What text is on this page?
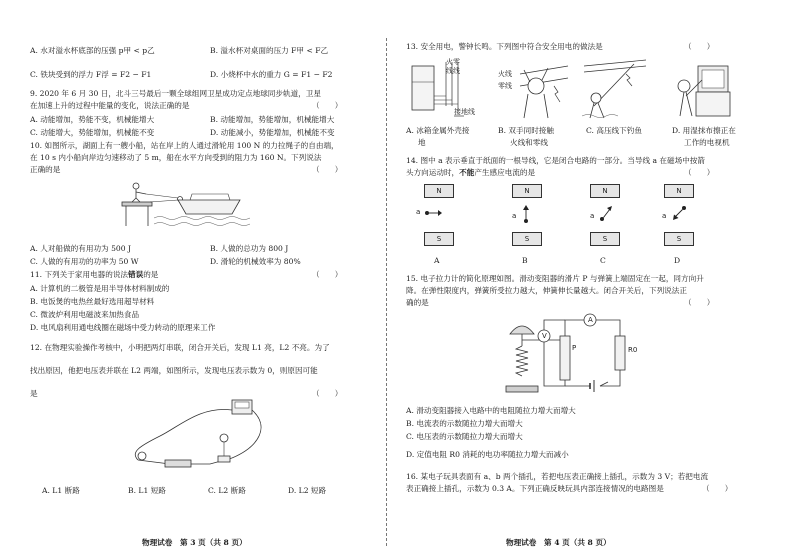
A. 水对溢水杯底部的压强 p甲 < p乙	B. 溢水杯对桌面的压力 F甲 < F乙
C. 铁块受到的浮力 F浮 = F2 − F1	D. 小烧杯中水的重力 G = F1 − F2
9. 2020 年 6 月 30 日，北斗三号最后一颗全球组网卫星成功定点地球同步轨道，卫星
在加速上升的过程中能量的变化，说法正确的是	（　　）
A. 动能增加，势能不变，机械能增大	B. 动能增加，势能增加，机械能增大
C. 动能增大，势能增加，机械能不变	D. 动能减小，势能增加，机械能不变
10. 如图所示，湖面上有一艘小船，站在岸上的人通过滑轮用 100 N 的力拉绳子的自由端，
在 10 s 内小船向岸边匀速移动了 5 m，船在水平方向受到的阻力为 160 N。下列说法
正确的是	（　　）
A. 人对船做的有用功为 500 J	B. 人做的总功为 800 J
C. 人做的有用功的功率为 50 W	D. 滑轮的机械效率为 80%
11. 下列关于家用电器的说法错误的是	（　　）
A. 计算机的二极管是用半导体材料制成的
B. 电饭煲的电热丝最好选用超导材料
C. 微波炉利用电磁波来加热食品
D. 电风扇利用通电线圈在磁场中受力转动的原理来工作
12. 在物理实验操作考核中，小明把两灯串联，闭合开关后，发现 L1 亮，L2 不亮。为了
找出原因，他把电压表并联在 L2 两端，如图所示，发现电压表示数为 0，则原因可能
是	（　　）
A. L1 断路	B. L1 短路	C. L2 断路	D. L2 短路
物理试卷　第 3 页（共 8 页）
13. 安全用电，警钟长鸣。下列图中符合安全用电的做法是	（　　）
火零
线线
接地线
火线
零线
A. 冰箱金属外壳接
地
B. 双手同时接触
火线和零线
C. 高压线下钓鱼	D. 用湿抹布擦正在
工作的电视机
14. 图中 a 表示垂直于纸面的一根导线，它是闭合电路的一部分。当导线 a 在磁场中按箭
头方向运动时，不能产生感应电流的是	（　　）
N
a
S
A
N
a
S
B
N
a
S
C
N
a
S
D
15. 电子拉力计的简化原理如图。滑动变阻器的滑片 P 与弹簧上端固定在一起，同方向升
降。在弹性限度内，弹簧所受拉力越大，伸簧伸长量越大。闭合开关后，下列说法正
确的是	（　　）
A
V
P	R0
A. 滑动变阻器接入电路中的电阻随拉力增大而增大
B. 电流表的示数随拉力增大而增大
C. 电压表的示数随拉力增大而增大
D. 定值电阻 R0 消耗的电功率随拉力增大而减小
16. 某电子玩具表面有 a、b 两个插孔，若把电压表正确接上插孔，示数为 3 V；若把电流
表正确接上插孔，示数为 0.3 A。下列正确反映玩具内部连接情况的电路图是	（　　）
物理试卷　第 4 页（共 8 页）
